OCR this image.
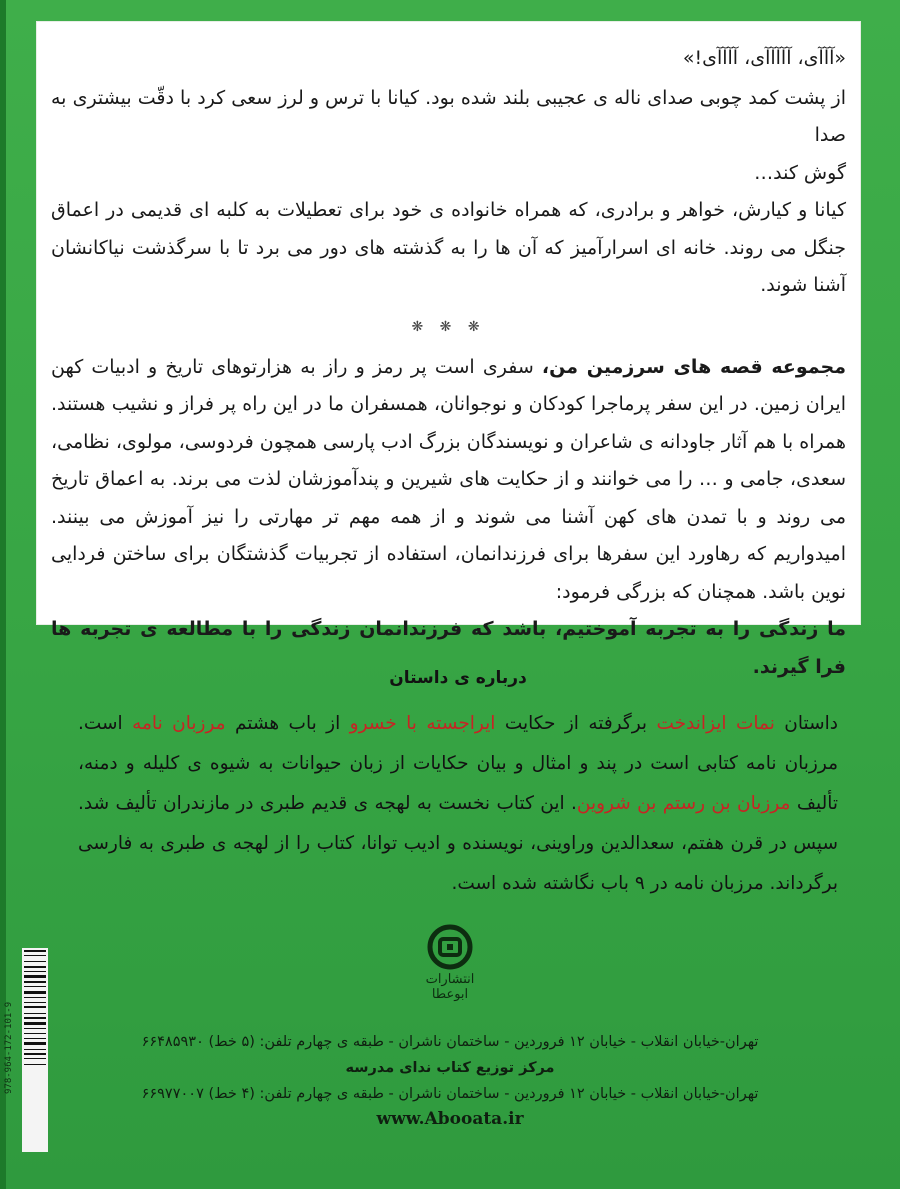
«آآآی، آآآآآی، آآآآی!»

از پشت کمد چوبی صدای ناله ی عجیبی بلند شده بود. کیانا با ترس و لرز سعی کرد با دقّت بیشتری به صدا
گوش کند…

کیانا و کیارش، خواهر و برادری، که همراه خانواده ی خود برای تعطیلات به کلبه ای قدیمی در اعماق جنگل می روند. خانه ای اسرارآمیز که آن ها را به گذشته های دور می برد تا با سرگذشت نیاکانشان آشنا شوند.

❋ ❋ ❋

مجموعه قصه های سرزمین من، سفری است پر رمز و راز به هزارتوهای تاریخ و ادبیات کهن ایران زمین. در این سفر پرماجرا کودکان و نوجوانان، همسفران ما در این راه پر فراز و نشیب هستند. همراه با هم آثار جاودانه ی شاعران و نویسندگان بزرگ ادب پارسی همچون فردوسی، مولوی، نظامی، سعدی، جامی و … را می خوانند و از حکایت های شیرین و پندآموزشان لذت می برند. به اعماق تاریخ می روند و با تمدن های کهن آشنا می شوند و از همه مهم تر مهارتی را نیز آموزش می بینند. امیدواریم که رهاورد این سفرها برای فرزندانمان، استفاده از تجربیات گذشتگان برای ساختن فردایی نوین باشد. همچنان که بزرگی فرمود:

ما زندگی را به تجربه آموختیم، باشد که فرزندانمان زندگی را با مطالعه ی تجربه ها فرا گیرند.

درباره ی داستان

داستان نمات ایزاندخت برگرفته از حکایت ایراجسته با خسرو از باب هشتم مرزبان نامه است. مرزبان نامه کتابی است در پند و امثال و بیان حکایات از زبان حیوانات به شیوه ی کلیله و دمنه، تألیف مرزبان بن رستم بن شروین. این کتاب نخست به لهجه ی قدیم طبری در مازندران تألیف شد. سپس در قرن هفتم، سعدالدین وراوینی، نویسنده و ادیب توانا، کتاب را از لهجه ی طبری به فارسی برگرداند. مرزبان نامه در ۹ باب نگاشته شده است.

978-964-172-101-9
انتشارات ابوعطا
تهران-خیابان انقلاب - خیابان ۱۲ فروردین - ساختمان ناشران - طبقه ی چهارم تلفن: (۵ خط) ۶۶۴۸۵۹۳۰
مرکز توزیع کتاب ندای مدرسه
تهران-خیابان انقلاب - خیابان ۱۲ فروردین - ساختمان ناشران - طبقه ی چهارم تلفن: (۴ خط) ۶۶۹۷۷۰۰۷
www.Abooata.ir
